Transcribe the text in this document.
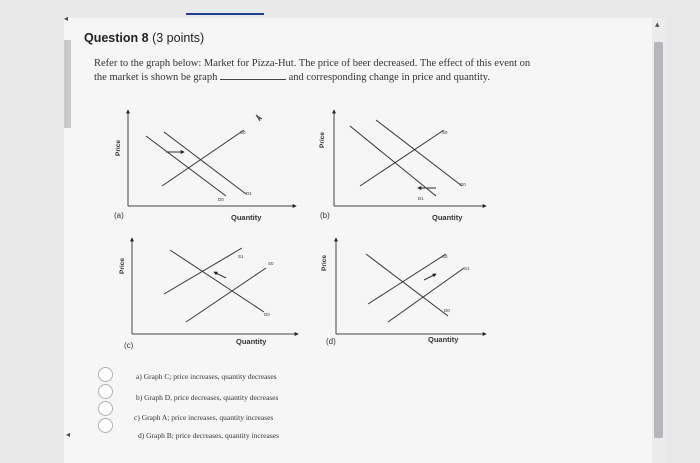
◂
◂
▴
Question 8 (3 points)
Refer to the graph below: Market for Pizza-Hut. The price of beer decreased. The effect of this event on the market is shown be graph	and corresponding change in price and quantity.
Price
(a)	Quantity
S0
D0
D1
Price
(b)	Quantity
S0
D0
D1
Price
(c)	Quantity
S1
S0
D0
Price
(d)	Quantity
S0
S1
D0
a) Graph C; price increases, quantity decreases
b) Graph D, price decreases, quantity decreases
c) Graph A; price increases, quantity increases
d) Graph B; price decreases, quantity increases
